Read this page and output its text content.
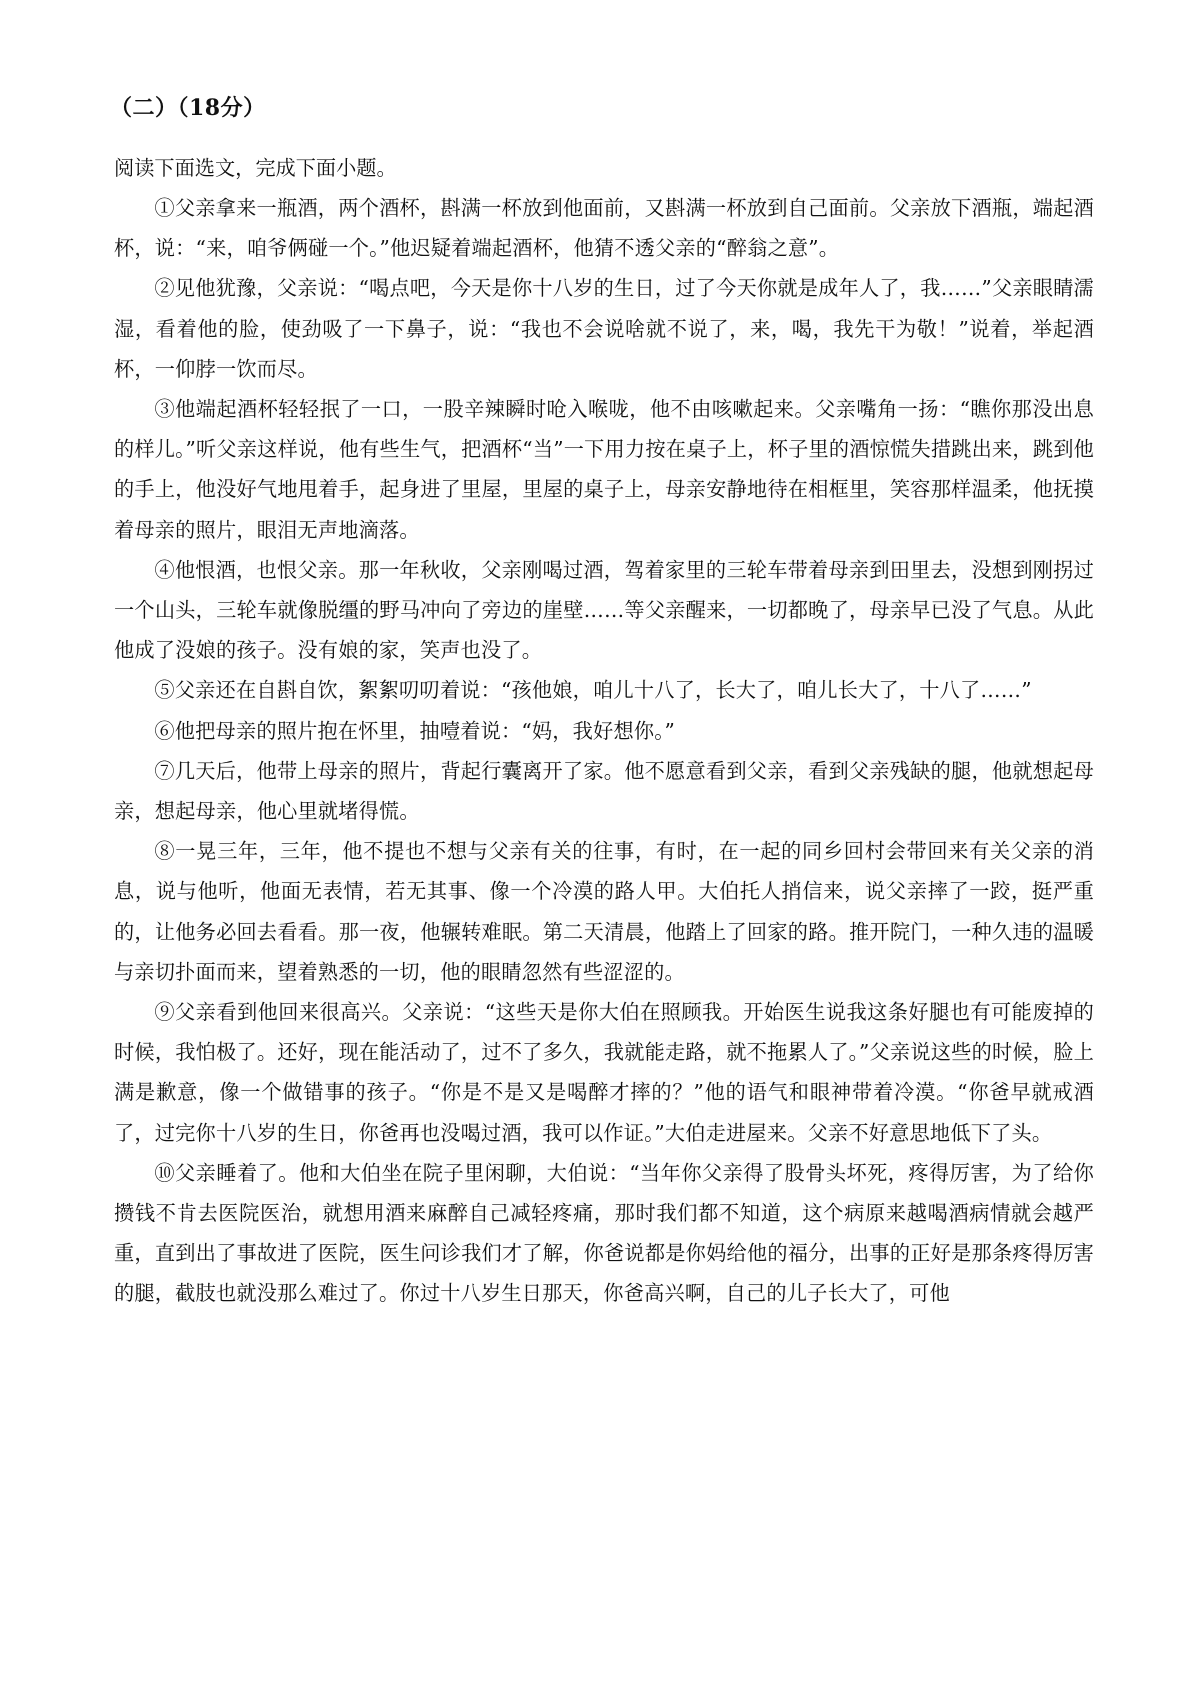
（二）（18分）

阅读下面选文，完成下面小题。

①父亲拿来一瓶酒，两个酒杯，斟满一杯放到他面前，又斟满一杯放到自己面前。父亲放下酒瓶，端起酒杯，说：“来，咱爷俩碰一个。”他迟疑着端起酒杯，他猜不透父亲的“醉翁之意”。

②见他犹豫，父亲说：“喝点吧，今天是你十八岁的生日，过了今天你就是成年人了，我……”父亲眼睛濡湿，看着他的脸，使劲吸了一下鼻子，说：“我也不会说啥就不说了，来，喝，我先干为敬！”说着，举起酒杯，一仰脖一饮而尽。

③他端起酒杯轻轻抿了一口，一股辛辣瞬时呛入喉咙，他不由咳嗽起来。父亲嘴角一扬：“瞧你那没出息的样儿。”听父亲这样说，他有些生气，把酒杯“当”一下用力按在桌子上，杯子里的酒惊慌失措跳出来，跳到他的手上，他没好气地甩着手，起身进了里屋，里屋的桌子上，母亲安静地待在相框里，笑容那样温柔，他抚摸着母亲的照片，眼泪无声地滴落。

④他恨酒，也恨父亲。那一年秋收，父亲刚喝过酒，驾着家里的三轮车带着母亲到田里去，没想到刚拐过一个山头，三轮车就像脱缰的野马冲向了旁边的崖壁……等父亲醒来，一切都晚了，母亲早已没了气息。从此他成了没娘的孩子。没有娘的家，笑声也没了。

⑤父亲还在自斟自饮，絮絮叨叨着说：“孩他娘，咱儿十八了，长大了，咱儿长大了，十八了……”

⑥他把母亲的照片抱在怀里，抽噎着说：“妈，我好想你。”

⑦几天后，他带上母亲的照片，背起行囊离开了家。他不愿意看到父亲，看到父亲残缺的腿，他就想起母亲，想起母亲，他心里就堵得慌。

⑧一晃三年，三年，他不提也不想与父亲有关的往事，有时，在一起的同乡回村会带回来有关父亲的消息，说与他听，他面无表情，若无其事、像一个冷漠的路人甲。大伯托人捎信来，说父亲摔了一跤，挺严重的，让他务必回去看看。那一夜，他辗转难眠。第二天清晨，他踏上了回家的路。推开院门，一种久违的温暖与亲切扑面而来，望着熟悉的一切，他的眼睛忽然有些涩涩的。

⑨父亲看到他回来很高兴。父亲说：“这些天是你大伯在照顾我。开始医生说我这条好腿也有可能废掉的时候，我怕极了。还好，现在能活动了，过不了多久，我就能走路，就不拖累人了。”父亲说这些的时候，脸上满是歉意，像一个做错事的孩子。“你是不是又是喝醉才摔的？”他的语气和眼神带着冷漠。“你爸早就戒酒了，过完你十八岁的生日，你爸再也没喝过酒，我可以作证。”大伯走进屋来。父亲不好意思地低下了头。

⑩父亲睡着了。他和大伯坐在院子里闲聊，大伯说：“当年你父亲得了股骨头坏死，疼得厉害，为了给你攒钱不肯去医院医治，就想用酒来麻醉自己减轻疼痛，那时我们都不知道，这个病原来越喝酒病情就会越严重，直到出了事故进了医院，医生问诊我们才了解，你爸说都是你妈给他的福分，出事的正好是那条疼得厉害的腿，截肢也就没那么难过了。你过十八岁生日那天，你爸高兴啊，自己的儿子长大了，可他
